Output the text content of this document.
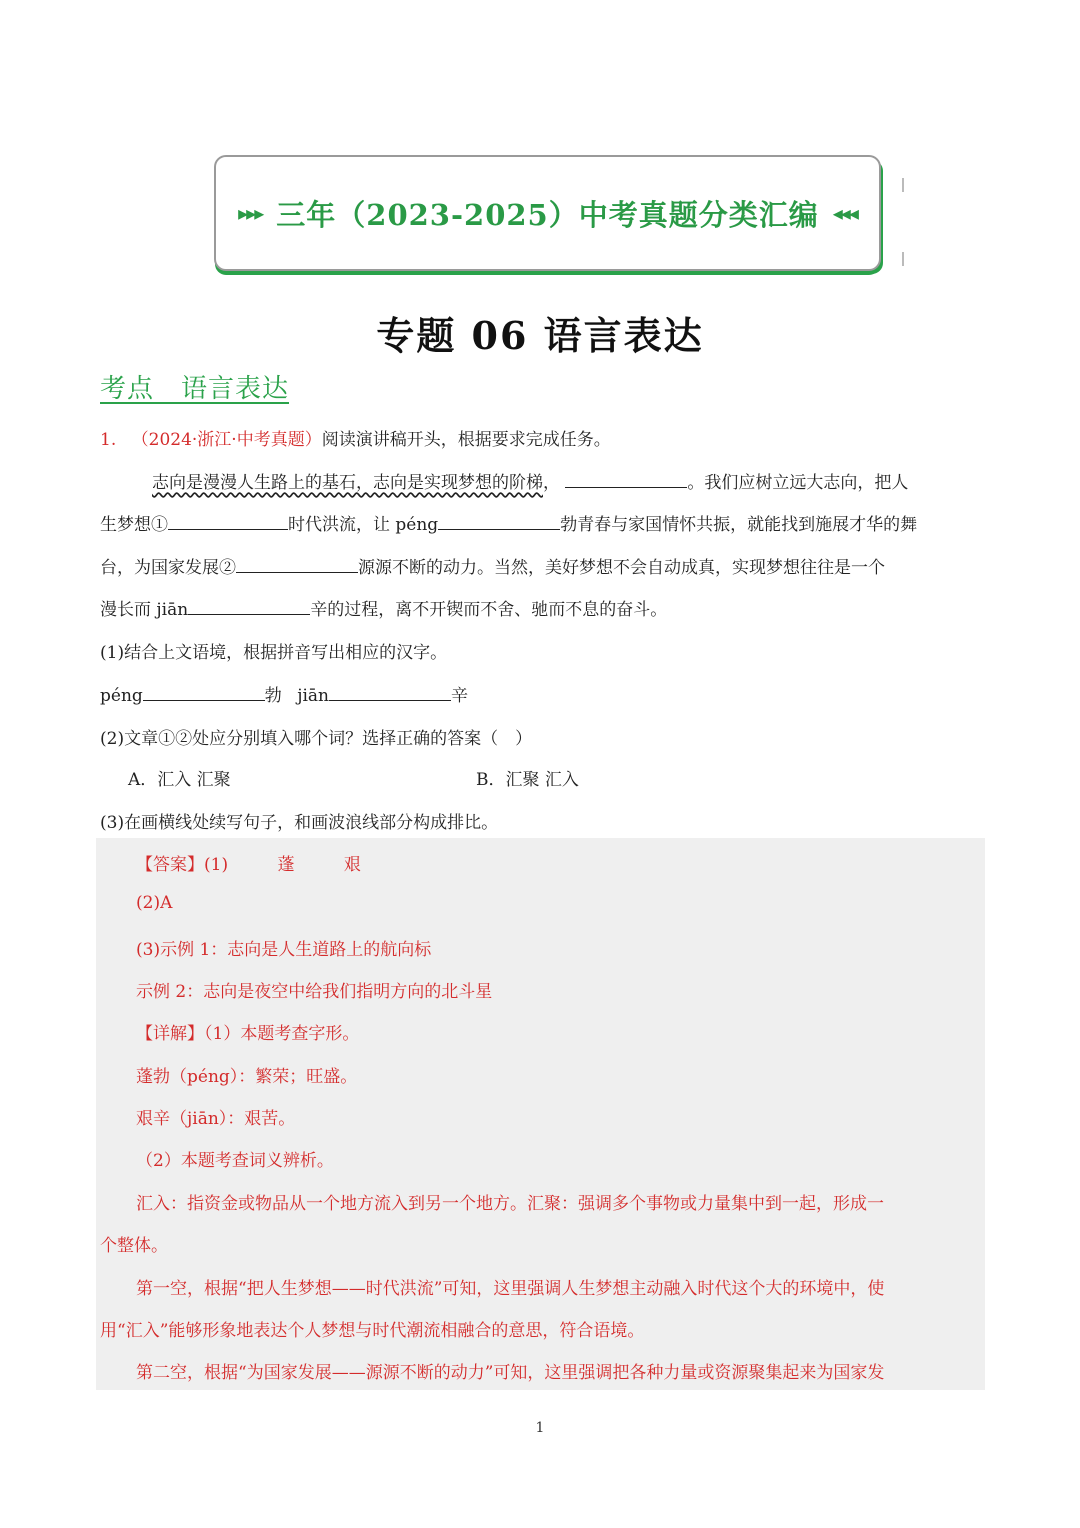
▸▸▸ 三年（2023-2025）中考真题分类汇编 ◂◂◂
专题 06 语言表达
考点　语言表达
1. （2024·浙江·中考真题）阅读演讲稿开头，根据要求完成任务。
志向是漫漫人生路上的基石，志向是实现梦想的阶梯，	。我们应树立远大志向，把人
生梦想①	时代洪流，让 péng	勃青春与家国情怀共振，就能找到施展才华的舞
台，为国家发展②	源源不断的动力。当然，美好梦想不会自动成真，实现梦想往往是一个
漫长而 jiān	辛的过程，离不开锲而不舍、驰而不息的奋斗。
(1)结合上文语境，根据拼音写出相应的汉字。
péng	勃 jiān	辛
(2)文章①②处应分别填入哪个词？选择正确的答案（　）
A．汇入 汇聚	B．汇聚 汇入
(3)在画横线处续写句子，和画波浪线部分构成排比。
【答案】(1)	蓬	艰
(2)A
(3)示例 1：志向是人生道路上的航向标
示例 2：志向是夜空中给我们指明方向的北斗星
【详解】（1）本题考查字形。
蓬勃（péng）：繁荣；旺盛。
艰辛（jiān）：艰苦。
（2）本题考查词义辨析。
汇入：指资金或物品从一个地方流入到另一个地方。汇聚：强调多个事物或力量集中到一起，形成一
个整体。
第一空，根据“把人生梦想——时代洪流”可知，这里强调人生梦想主动融入时代这个大的环境中，使
用“汇入”能够形象地表达个人梦想与时代潮流相融合的意思，符合语境。
第二空，根据“为国家发展——源源不断的动力”可知，这里强调把各种力量或资源聚集起来为国家发
1
